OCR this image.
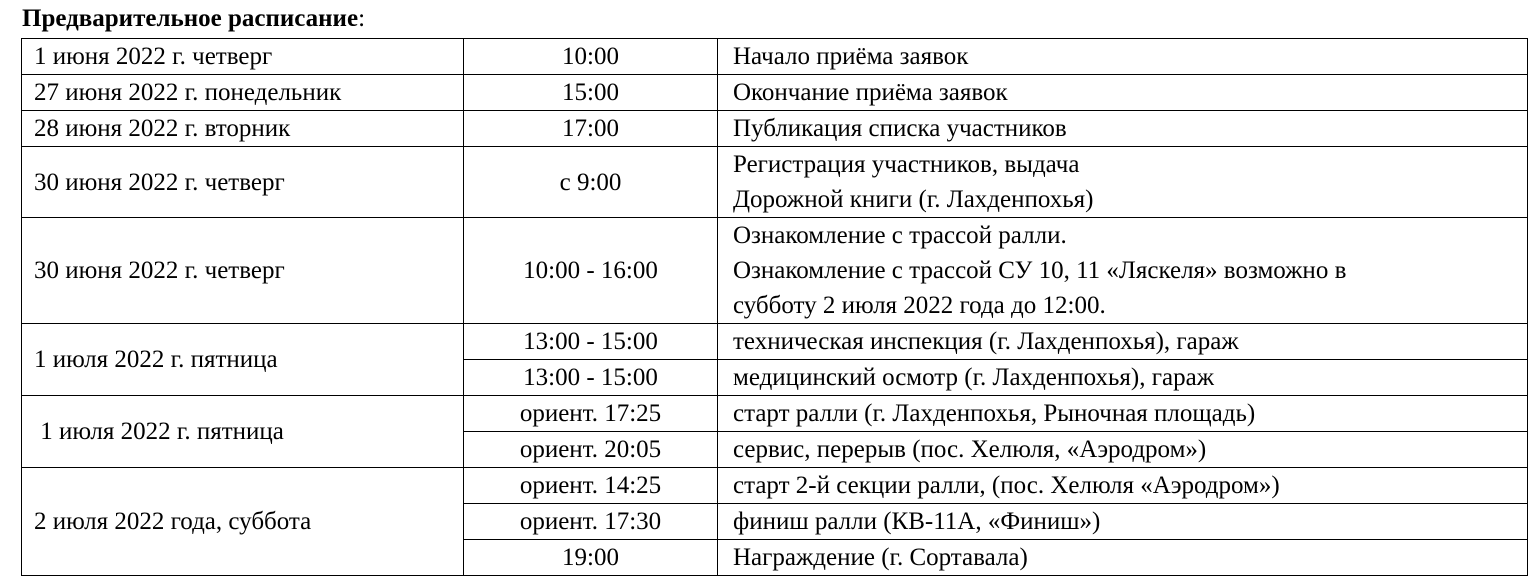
Предварительное расписание:
1 июня 2022 г. четверг	10:00	Начало приёма заявок

27 июня 2022 г. понедельник	15:00	Окончание приёма заявок

28 июня 2022 г. вторник	17:00	Публикация списка участников

30 июня 2022 г. четверг	с 9:00	Регистрация участников, выдача
Дорожной книги (г. Лахденпохья)

30 июня 2022 г. четверг	10:00 - 16:00	Ознакомление с трассой ралли.
Ознакомление с трассой СУ 10, 11 «Ляскеля» возможно в
субботу 2 июля 2022 года до 12:00.

1 июля 2022 г. пятница	13:00 - 15:00	техническая инспекция (г. Лахденпохья), гараж

	13:00 - 15:00	медицинский осмотр (г. Лахденпохья), гараж

1 июля 2022 г. пятница	ориент. 17:25	старт ралли (г. Лахденпохья, Рыночная площадь)

	ориент. 20:05	сервис, перерыв (пос. Хелюля, «Аэродром»)

2 июля 2022 года, суббота	ориент. 14:25	старт 2-й секции ралли, (пос. Хелюля «Аэродром»)

	ориент. 17:30	финиш ралли (КВ-11А, «Финиш»)

	19:00	Награждение (г. Сортавала)
